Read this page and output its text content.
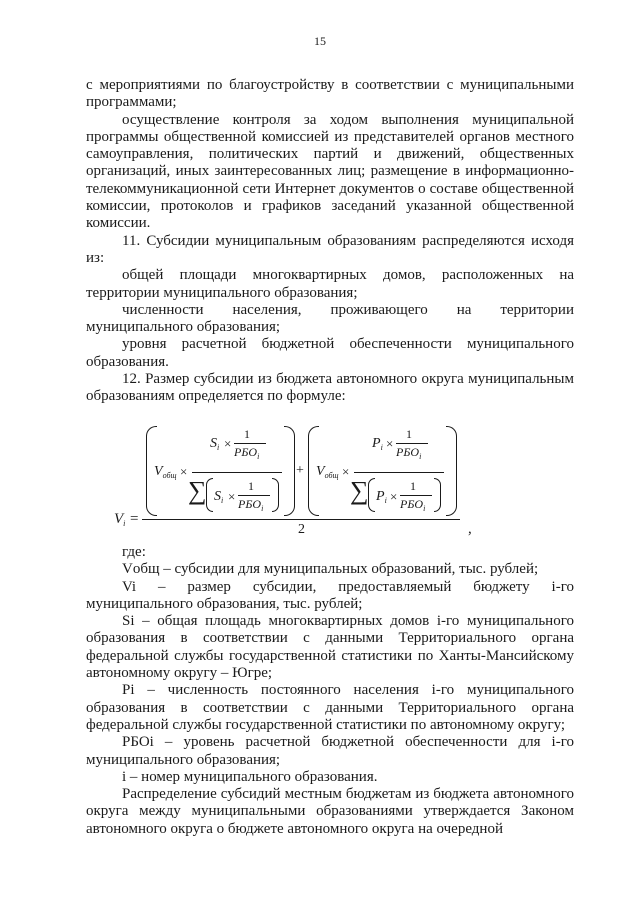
15

с мероприятиями по благоустройству в соответствии с муниципальными программами;

осуществление контроля за ходом выполнения муниципальной программы общественной комиссией из представителей органов местного самоуправления, политических партий и движений, общественных организаций, иных заинтересованных лиц; размещение в информационно-телекоммуникационной сети Интернет документов о составе общественной комиссии, протоколов и графиков заседаний указанной общественной комиссии.

11. Субсидии муниципальным образованиям распределяются исходя из:

общей площади многоквартирных домов, расположенных на территории муниципального образования;

численности населения, проживающего на территории муниципального образования;

уровня расчетной бюджетной обеспеченности муниципального образования.

12. Размер субсидии из бюджета автономного округа муниципальным образованиям определяется по формуле:

$V_i$ =
$V_{общ}$ ×
$S_i$ ×
1
$РБО_i$
∑ $S_i$ ×
1
$РБО_i$
+ $V_{общ}$ ×
$P_i$ ×
1
$РБО_i$
∑ $P_i$ ×
1
$РБО_i$
2	,

где:

Vобщ – субсидии для муниципальных образований, тыс. рублей;

Vi – размер субсидии, предоставляемый бюджету i-го муниципального образования, тыс. рублей;

Si – общая площадь многоквартирных домов i-го муниципального образования в соответствии с данными Территориального органа федеральной службы государственной статистики по Ханты-Мансийскому автономному округу – Югре;

Pi – численность постоянного населения i-го муниципального образования в соответствии с данными Территориального органа федеральной службы государственной статистики по автономному округу;

РБОi – уровень расчетной бюджетной обеспеченности для i-го муниципального образования;

i – номер муниципального образования.

Распределение субсидий местным бюджетам из бюджета автономного округа между муниципальными образованиями утверждается Законом автономного округа о бюджете автономного округа на очередной
